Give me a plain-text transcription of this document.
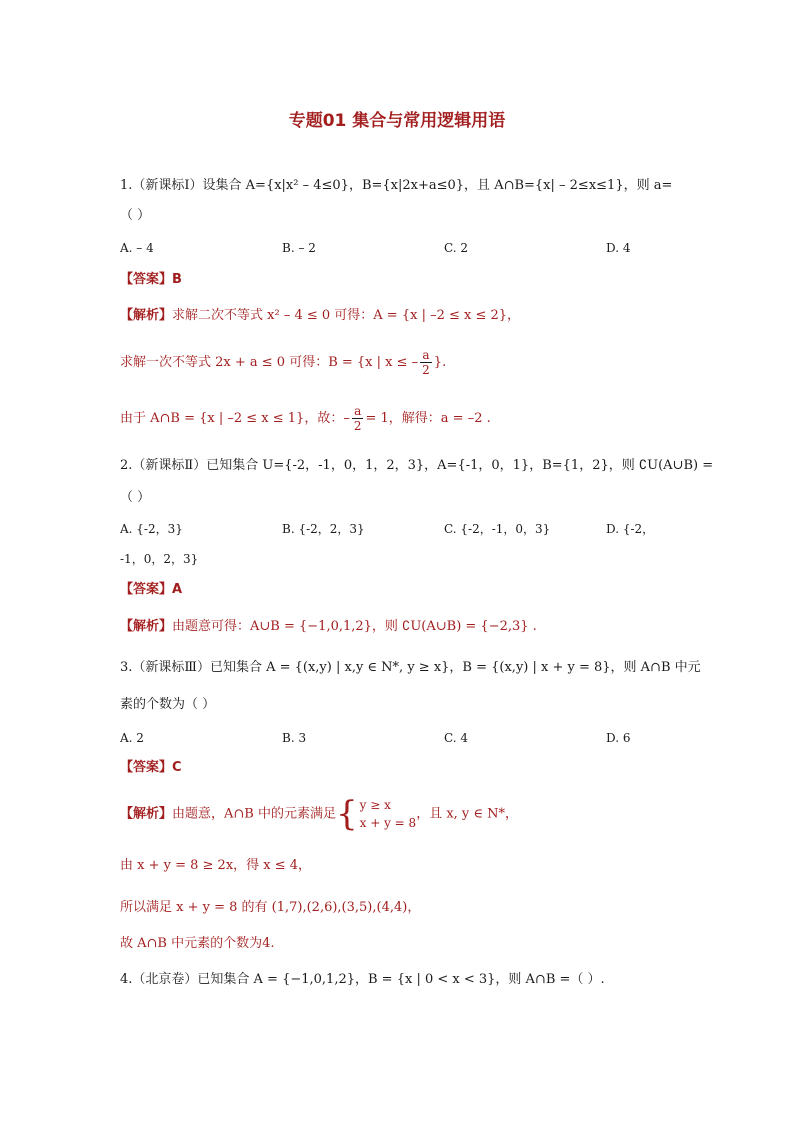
专题01 集合与常用逻辑用语
1.（新课标Ⅰ）设集合 A={x|x² – 4≤0}，B={x|2x+a≤0}，且 A∩B={x| – 2≤x≤1}，则 a=
（ ）
A. – 4	B. – 2	C. 2	D. 4
【答案】B
【解析】求解二次不等式 x² – 4 ≤ 0 可得：A = {x | –2 ≤ x ≤ 2}，
求解一次不等式 2x + a ≤ 0 可得：B = {x | x ≤ – $\frac{a}{2}$ }.
由于 A∩B = {x | –2 ≤ x ≤ 1}，故：– $\frac{a}{2} = 1$，解得：a = –2 .
2.（新课标Ⅱ）已知集合 U={-2，-1，0，1，2，3}，A={-1，0，1}，B={1，2}，则 ∁U(A∪B) =
（ ）
A. {-2，3}	B. {-2，2，3}	C. {-2，-1，0，3}	D. {-2，
-1，0，2，3}
【答案】A
【解析】由题意可得：A∪B = {−1,0,1,2}，则 ∁U(A∪B) = {−2,3} .
3.（新课标Ⅲ）已知集合 A = {(x,y) | x,y ∈ N*, y ≥ x}，B = {(x,y) | x + y = 8}，则 A∩B 中元
素的个数为（ ）
A. 2	B. 3	C. 4	D. 6
【答案】C
【解析】由题意，A∩B 中的元素满足{ y ≥ x
x + y = 8
，且 x, y ∈ N*，
由 x + y = 8 ≥ 2x，得 x ≤ 4，
所以满足 x + y = 8 的有 (1,7),(2,6),(3,5),(4,4)，
故 A∩B 中元素的个数为4.
4.（北京卷）已知集合 A = {−1,0,1,2}，B = {x | 0 < x < 3}，则 A∩B =（ ）.
